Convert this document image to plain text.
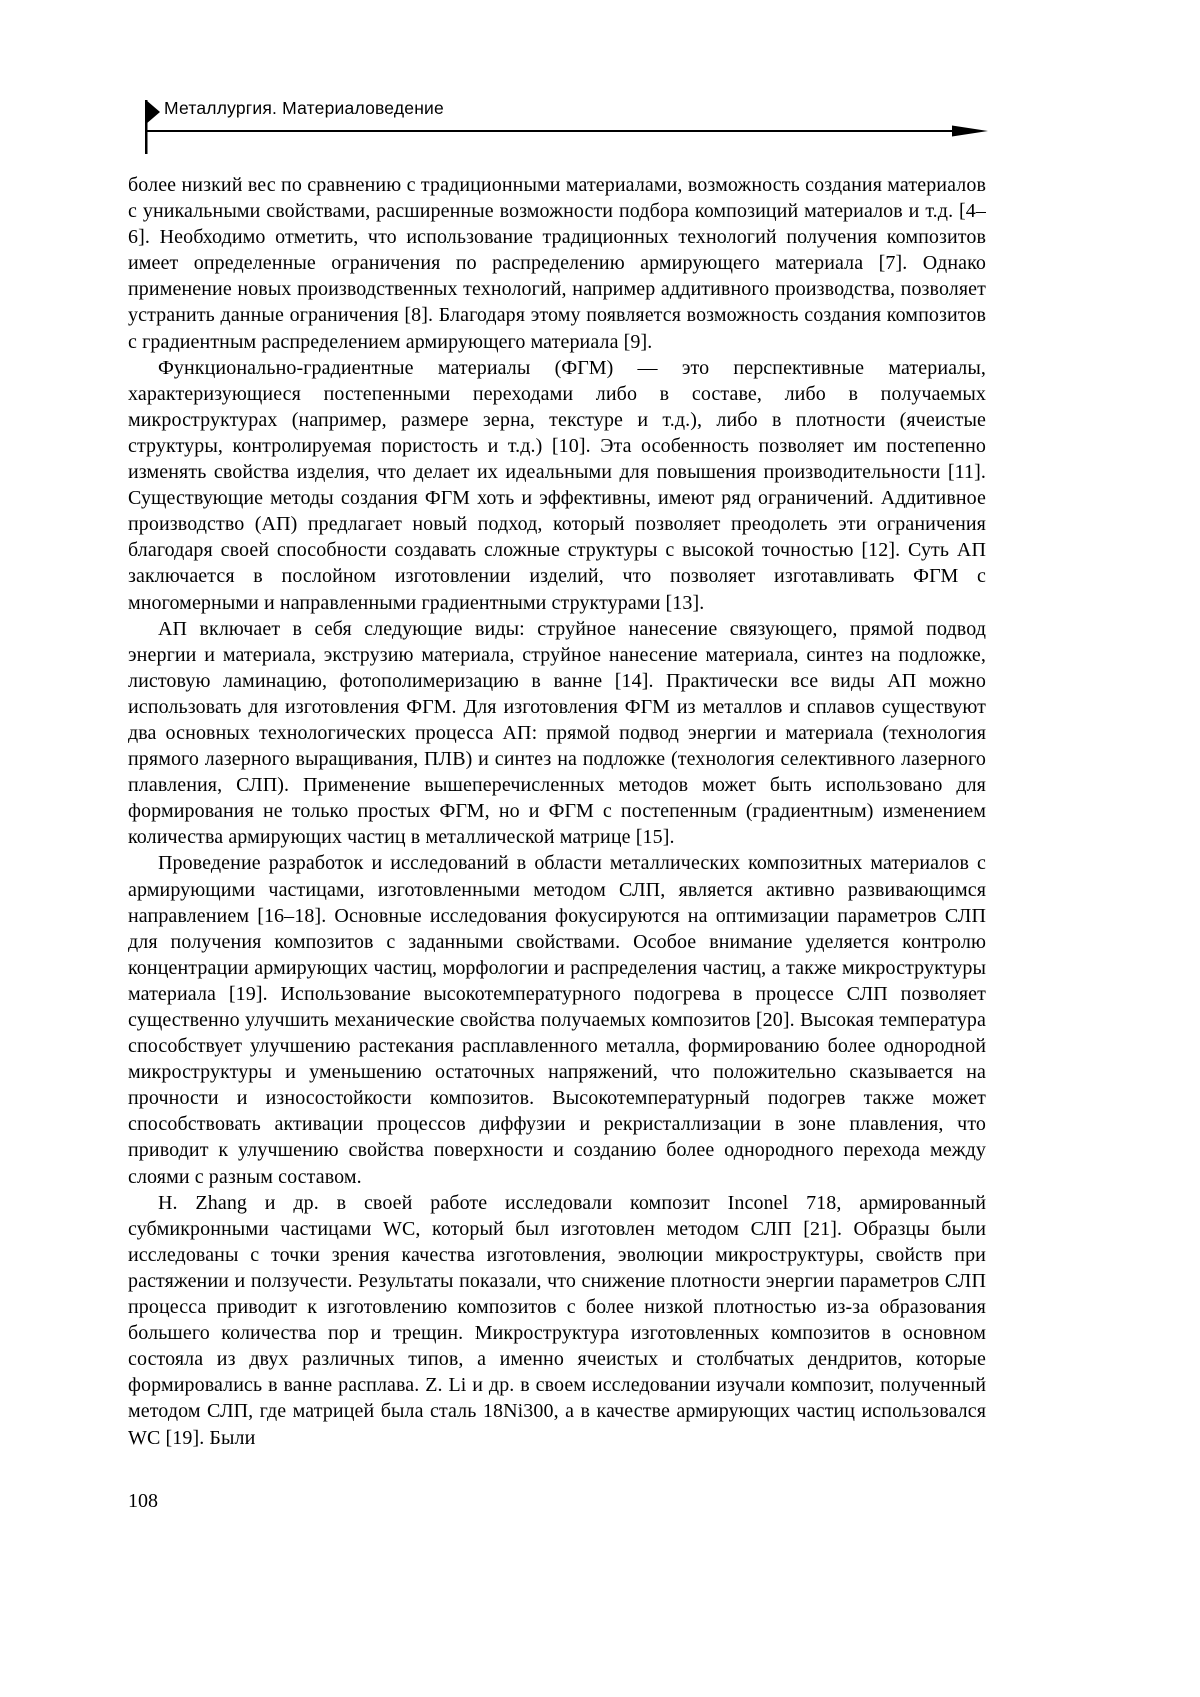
Металлургия. Материаловедение

более низкий вес по сравнению с традиционными материалами, возможность создания материалов с уникальными свойствами, расширенные возможности подбора композиций материалов и т.д. [4–6]. Необходимо отметить, что использование традиционных технологий получения композитов имеет определенные ограничения по распределению армирующего материала [7]. Однако применение новых производственных технологий, например аддитивного производства, позволяет устранить данные ограничения [8]. Благодаря этому появляется возможность создания композитов с градиентным распределением армирующего материала [9].

Функционально-градиентные материалы (ФГМ) — это перспективные материалы, характеризующиеся постепенными переходами либо в составе, либо в получаемых микроструктурах (например, размере зерна, текстуре и т.д.), либо в плотности (ячеистые структуры, контролируемая пористость и т.д.) [10]. Эта особенность позволяет им постепенно изменять свойства изделия, что делает их идеальными для повышения производительности [11]. Существующие методы создания ФГМ хоть и эффективны, имеют ряд ограничений. Аддитивное производство (АП) предлагает новый подход, который позволяет преодолеть эти ограничения благодаря своей способности создавать сложные структуры с высокой точностью [12]. Суть АП заключается в послойном изготовлении изделий, что позволяет изготавливать ФГМ с многомерными и направленными градиентными структурами [13].

АП включает в себя следующие виды: струйное нанесение связующего, прямой подвод энергии и материала, экструзию материала, струйное нанесение материала, синтез на подложке, листовую ламинацию, фотополимеризацию в ванне [14]. Практически все виды АП можно использовать для изготовления ФГМ. Для изготовления ФГМ из металлов и сплавов существуют два основных технологических процесса АП: прямой подвод энергии и материала (технология прямого лазерного выращивания, ПЛВ) и синтез на подложке (технология селективного лазерного плавления, СЛП). Применение вышеперечисленных методов может быть использовано для формирования не только простых ФГМ, но и ФГМ с постепенным (градиентным) изменением количества армирующих частиц в металлической матрице [15].

Проведение разработок и исследований в области металлических композитных материалов с армирующими частицами, изготовленными методом СЛП, является активно развивающимся направлением [16–18]. Основные исследования фокусируются на оптимизации параметров СЛП для получения композитов с заданными свойствами. Особое внимание уделяется контролю концентрации армирующих частиц, морфологии и распределения частиц, а также микроструктуры материала [19]. Использование высокотемпературного подогрева в процессе СЛП позволяет существенно улучшить механические свойства получаемых композитов [20]. Высокая температура способствует улучшению растекания расплавленного металла, формированию более однородной микроструктуры и уменьшению остаточных напряжений, что положительно сказывается на прочности и износостойкости композитов. Высокотемпературный подогрев также может способствовать активации процессов диффузии и рекристаллизации в зоне плавления, что приводит к улучшению свойства поверхности и созданию более однородного перехода между слоями с разным составом.

H. Zhang и др. в своей работе исследовали композит Inconel 718, армированный субмикронными частицами WC, который был изготовлен методом СЛП [21]. Образцы были исследованы с точки зрения качества изготовления, эволюции микроструктуры, свойств при растяжении и ползучести. Результаты показали, что снижение плотности энергии параметров СЛП процесса приводит к изготовлению композитов с более низкой плотностью из-за образования большего количества пор и трещин. Микроструктура изготовленных композитов в основном состояла из двух различных типов, а именно ячеистых и столбчатых дендритов, которые формировались в ванне расплава. Z. Li и др. в своем исследовании изучали композит, полученный методом СЛП, где матрицей была сталь 18Ni300, а в качестве армирующих частиц использовался WC [19]. Были

108
